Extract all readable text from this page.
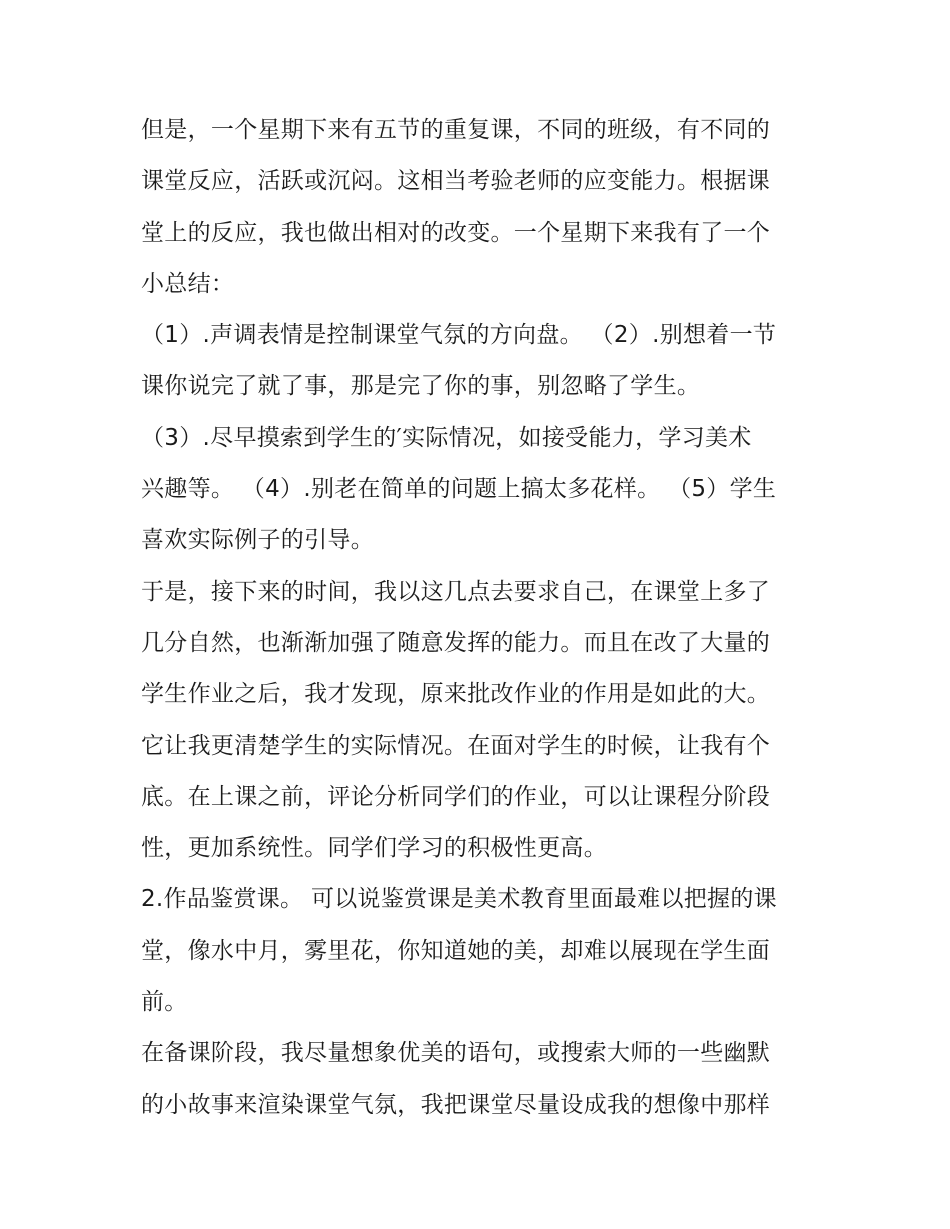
但是，一个星期下来有五节的重复课，不同的班级，有不同的
课堂反应，活跃或沉闷。这相当考验老师的应变能力。根据课
堂上的反应，我也做出相对的改变。一个星期下来我有了一个
小总结：
（1）.声调表情是控制课堂气氛的方向盘。 （2）.别想着一节
课你说完了就了事，那是完了你的事，别忽略了学生。
（3）.尽早摸索到学生的′实际情况，如接受能力，学习美术
兴趣等。 （4）.别老在简单的问题上搞太多花样。 （5）学生
喜欢实际例子的引导。
于是，接下来的时间，我以这几点去要求自己，在课堂上多了
几分自然，也渐渐加强了随意发挥的能力。而且在改了大量的
学生作业之后，我才发现，原来批改作业的作用是如此的大。
它让我更清楚学生的实际情况。在面对学生的时候，让我有个
底。在上课之前，评论分析同学们的作业，可以让课程分阶段
性，更加系统性。同学们学习的积极性更高。
2.作品鉴赏课。 可以说鉴赏课是美术教育里面最难以把握的课
堂，像水中月，雾里花，你知道她的美，却难以展现在学生面
前。
在备课阶段，我尽量想象优美的语句，或搜索大师的一些幽默
的小故事来渲染课堂气氛，我把课堂尽量设成我的想像中那样
